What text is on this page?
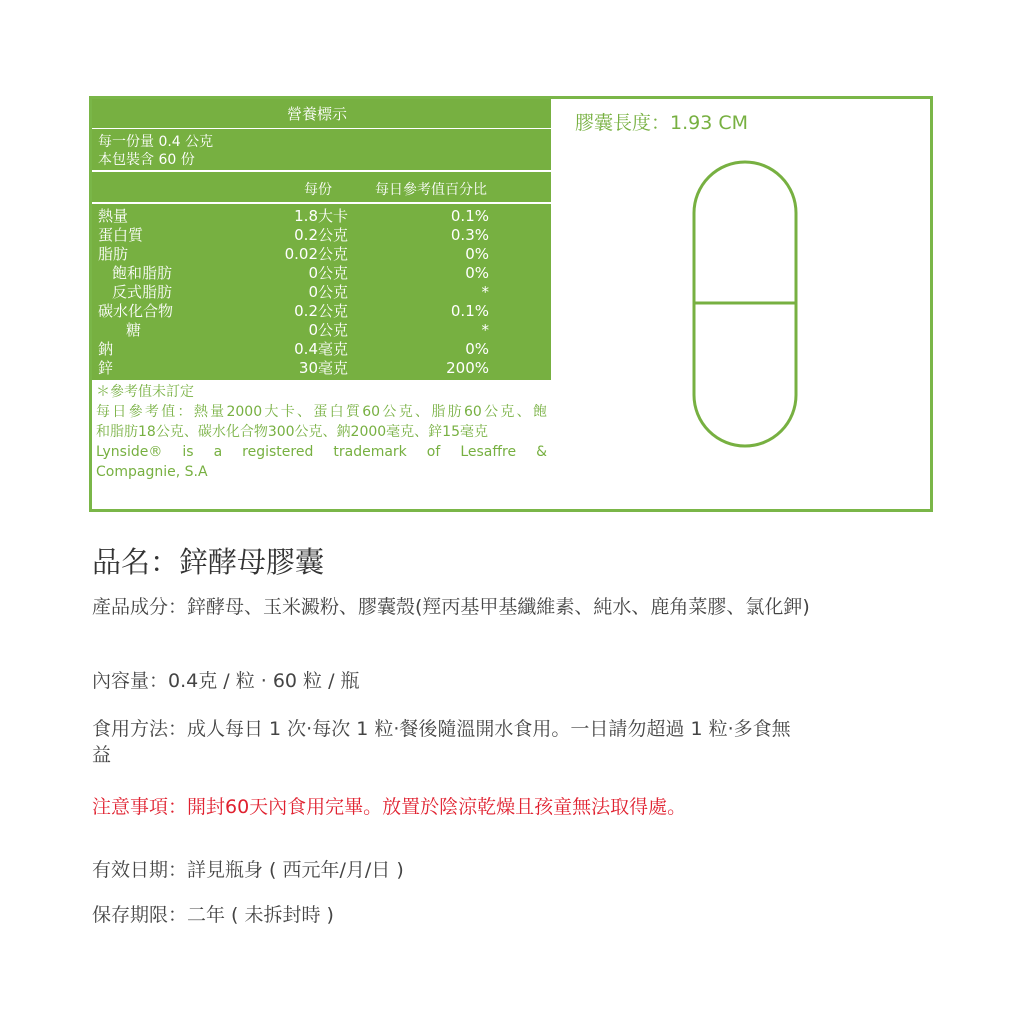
營養標示
每一份量 0.4 公克
本包裝含 60 份
每份	每日參考值百分比
熱量	1.8大卡	0.1%
蛋白質	0.2公克	0.3%
脂肪	0.02公克	0%
飽和脂肪	0公克	0%
反式脂肪	0公克	*
碳水化合物	0.2公克	0.1%
糖	0公克	*
鈉	0.4毫克	0%
鋅	30毫克	200%
＊參考值未訂定
每日參考值：熱量2000大卡、蛋白質60公克、脂肪60公克、飽
和脂肪18公克、碳水化合物300公克、鈉2000毫克、鋅15毫克
Lynside® is a registered trademark of Lesaffre &
Compagnie, S.A
膠囊長度：1.93 CM
品名：鋅酵母膠囊
產品成分：鋅酵母、玉米澱粉、膠囊殼(羥丙基甲基纖維素、純水、鹿角菜膠、氯化鉀)
內容量：0.4克 / 粒 · 60 粒 / 瓶
食用方法：成人每日 1 次·每次 1 粒·餐後隨溫開水食用。一日請勿超過 1 粒·多食無
益
注意事項：開封60天內食用完畢。放置於陰涼乾燥且孩童無法取得處。
有效日期：詳見瓶身 ( 西元年/月/日 )
保存期限：二年 ( 未拆封時 )
